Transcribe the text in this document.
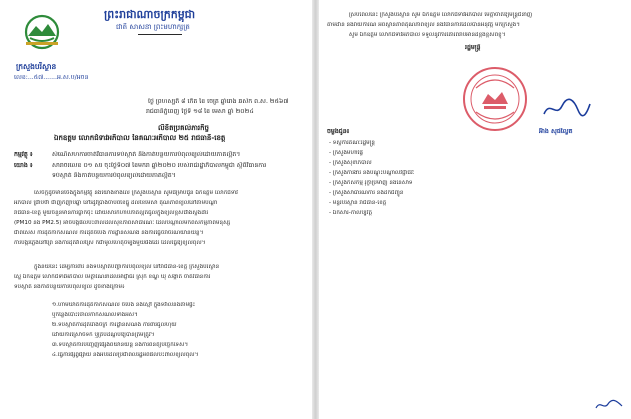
ព្រះរាជាណាចក្រកម្ពុជា
ជាតិ សាសនា ព្រះមហាក្សត្រ
ក្រសួងបរិស្ថាន
លេខ:...៥៧.......អ.ស.ប/អចន
ថ្ងៃ ព្រហស្បតិ៍ ៨ កើត ខែ ចេត្រ ឆ្នាំរោង ឆស័ក ព.ស. ២៥៦៧
រាជធានីភ្នំពេញ ថ្ងៃទី ១៨ ខែ មេសា ឆ្នាំ ២០២៤
លិខិតប្រគល់ភារកិច្ច
ឯកឧត្តម លោកជំទាវអភិបាល នៃគណៈអភិបាល ២៥ រាជធានី-ខេត្ត
កម្មវត្ថុ ៖	សំណើសហការចាត់វិធានការទប់ស្កាត់ និងកាត់បន្ថយការបំពុលខ្យល់ដោយភាគល្អិត។
យោង ៖	សារាចរលេខ ០១ សរ ចុះថ្ងៃទី០៧ ខែមករា ឆ្នាំ២០២០ របស់រាជរដ្ឋាភិបាលកម្ពុជា ស្ដីពីវិធានការ
ទប់ស្កាត់ និងកាត់បន្ថយការបំពុលខ្យល់ដោយភាគល្អិត។
សេចក្ដីដូចមានចែងក្នុងកម្មវត្ថុ និងយោងខាងលើ ក្រសួងបរិស្ថាន សូមជម្រាបជូន ឯកឧត្តម លោកជំទាវ
អភិបាល ជ្រាបថា ជាញឹកញាប់ឆ្នាំ នៅរដូវប្រាំងចាប់ពីខែធ្នូ ដល់ខែមេសា គុណភាពខ្យល់នៅតាមបណ្ដា
រាជធានី-ខេត្ត មួយចំនួនមានការធ្លាក់ចុះ ដោយសារកំហាប់ភាគល្អិតធូលីក្នុងខ្យល់ខ្ពស់ជាងស្តង់ដារ
(PM10 និង PM2.5) អាចបង្កផលប៉ះពាល់ដល់សុខភាពសាធារណៈ ដែលបណ្ដាលមកពីសកម្មភាពមនុស្ស
ជាពិសេស ការដុតកាកសំណល់ ការដុតចំបើង ការដ្ឋានសំណង់ និងការធ្វើចរាចរណ៍យានយន្ត។
ការបង្ករភ្លើងនៅព្រៃ និងការដុតវាលស្រែ ក៏ជាមូលហេតុចម្បងមួយផងដែរ ដែលធ្វើឱ្យខ្យល់ពុល។
ក្នុងន័យនេះ ដើម្បីការពារ និងទប់ស្កាត់បញ្ហាការបំពុលខ្យល់ នៅរាជធានី-ខេត្ត ក្រសួងបរិស្ថាន
ស្នើ ឯកឧត្តម លោកជំទាវអភិបាល មេត្តាណែនាំដល់អាជ្ញាធរ ស្រុក ខណ្ឌ ឃុំ សង្កាត់ ចាត់វិធានការ
ទប់ស្កាត់ និងកាត់បន្ថយការបំពុលខ្យល់ ដូចខាងក្រោម៖
១.ហាមឃាត់ការដុតកាកសំណល់ ចំបើង និងស្មៅ ក្នុងទីវាលនិងតាមផ្ទះ
ឬកន្លែងបោះចោលកាកសំណល់ទាំងអស់។
២.ទប់ស្កាត់ការដុតរោងចក្រ ការដ្ឋានសំណង់ ការពារធូលីហុយ
ដោយការស្រោចទឹក ឬគ្របដណ្ដប់ឱ្យបានត្រឹមត្រូវ។
៣.ទប់ស្កាត់ការបញ្ចេញផ្សែងពីយានយន្ត និងការពិនិត្យបច្ចេកទេស។
៤.ធ្វើការផ្សព្វផ្សាយ និងអប់រំដល់ប្រជាពលរដ្ឋអំពីផលប៉ះពាល់ខ្យល់ពុល។
ស្របពេលនេះ ក្រសួងបរិស្ថាន សូម ឯកឧត្តម លោកជំទាវអភិបាល មេត្តាចាត់ឱ្យមន្ត្រីជំនាញ
តាមដាន និងរាយការណ៍ អំពីស្ថានភាពគុណភាពខ្យល់ និងវិធានការដែលបានអនុវត្ត មកក្រសួង។
សូម ឯកឧត្តម លោកជំទាវអភិបាល ទទួលនូវការគោរពរាប់អានដ៏ខ្ពង់ខ្ពស់ពីខ្ញុំ។
រដ្ឋមន្ត្រី
ចម្លងជូន៖
- ទីស្ដីការគណៈរដ្ឋមន្ត្រី
- ក្រសួងមហាផ្ទៃ
- ក្រសួងសុខាភិបាល
- ក្រសួងការងារ និងបណ្ដុះបណ្ដាលវិជ្ជាជីវៈ
- ក្រសួងកសិកម្ម រុក្ខាប្រមាញ់ និងនេសាទ
- ក្រសួងសាធារណការ និងដឹកជញ្ជូន
- មន្ទីរបរិស្ថាន រាជធានី-ខេត្ត
- ឯកសារ-កាលប្បវត្តិ
អ៊ាង សុផល្លែត
